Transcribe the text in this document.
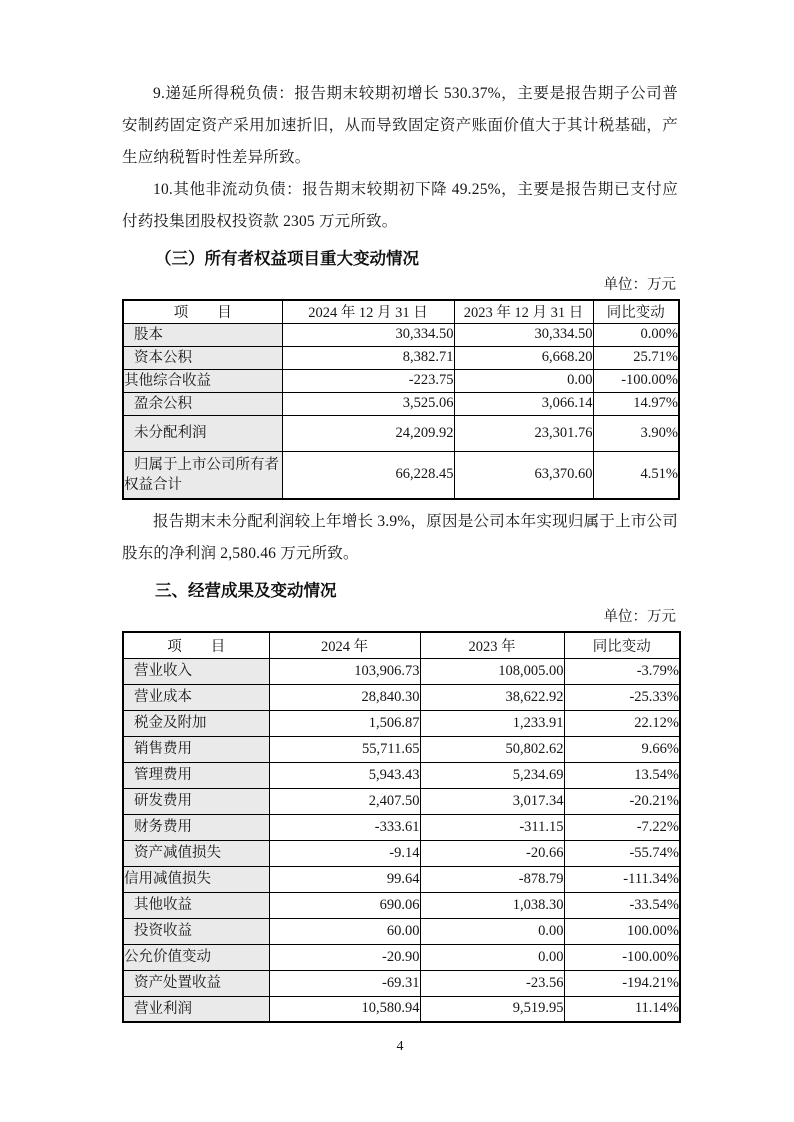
9.递延所得税负债：报告期末较期初增长 530.37%，主要是报告期子公司普安制药固定资产采用加速折旧，从而导致固定资产账面价值大于其计税基础，产生应纳税暂时性差异所致。

10.其他非流动负债：报告期末较期初下降 49.25%，主要是报告期已支付应付药投集团股权投资款 2305 万元所致。

（三）所有者权益项目重大变动情况
单位：万元
项　　目	2024 年 12 月 31 日	2023 年 12 月 31 日	同比变动
股本	30,334.50	30,334.50	0.00%
资本公积	8,382.71	6,668.20	25.71%
其他综合收益	-223.75	0.00	-100.00%
盈余公积	3,525.06	3,066.14	14.97%
未分配利润	24,209.92	23,301.76	3.90%
归属于上市公司所有者权益合计	66,228.45	63,370.60	4.51%

报告期末未分配利润较上年增长 3.9%，原因是公司本年实现归属于上市公司股东的净利润 2,580.46 万元所致。

三、经营成果及变动情况
单位：万元
项　　目	2024 年	2023 年	同比变动
营业收入	103,906.73	108,005.00	-3.79%
营业成本	28,840.30	38,622.92	-25.33%
税金及附加	1,506.87	1,233.91	22.12%
销售费用	55,711.65	50,802.62	9.66%
管理费用	5,943.43	5,234.69	13.54%
研发费用	2,407.50	3,017.34	-20.21%
财务费用	-333.61	-311.15	-7.22%
资产减值损失	-9.14	-20.66	-55.74%
信用减值损失	99.64	-878.79	-111.34%
其他收益	690.06	1,038.30	-33.54%
投资收益	60.00	0.00	100.00%
公允价值变动	-20.90	0.00	-100.00%
资产处置收益	-69.31	-23.56	-194.21%
营业利润	10,580.94	9,519.95	11.14%
4
